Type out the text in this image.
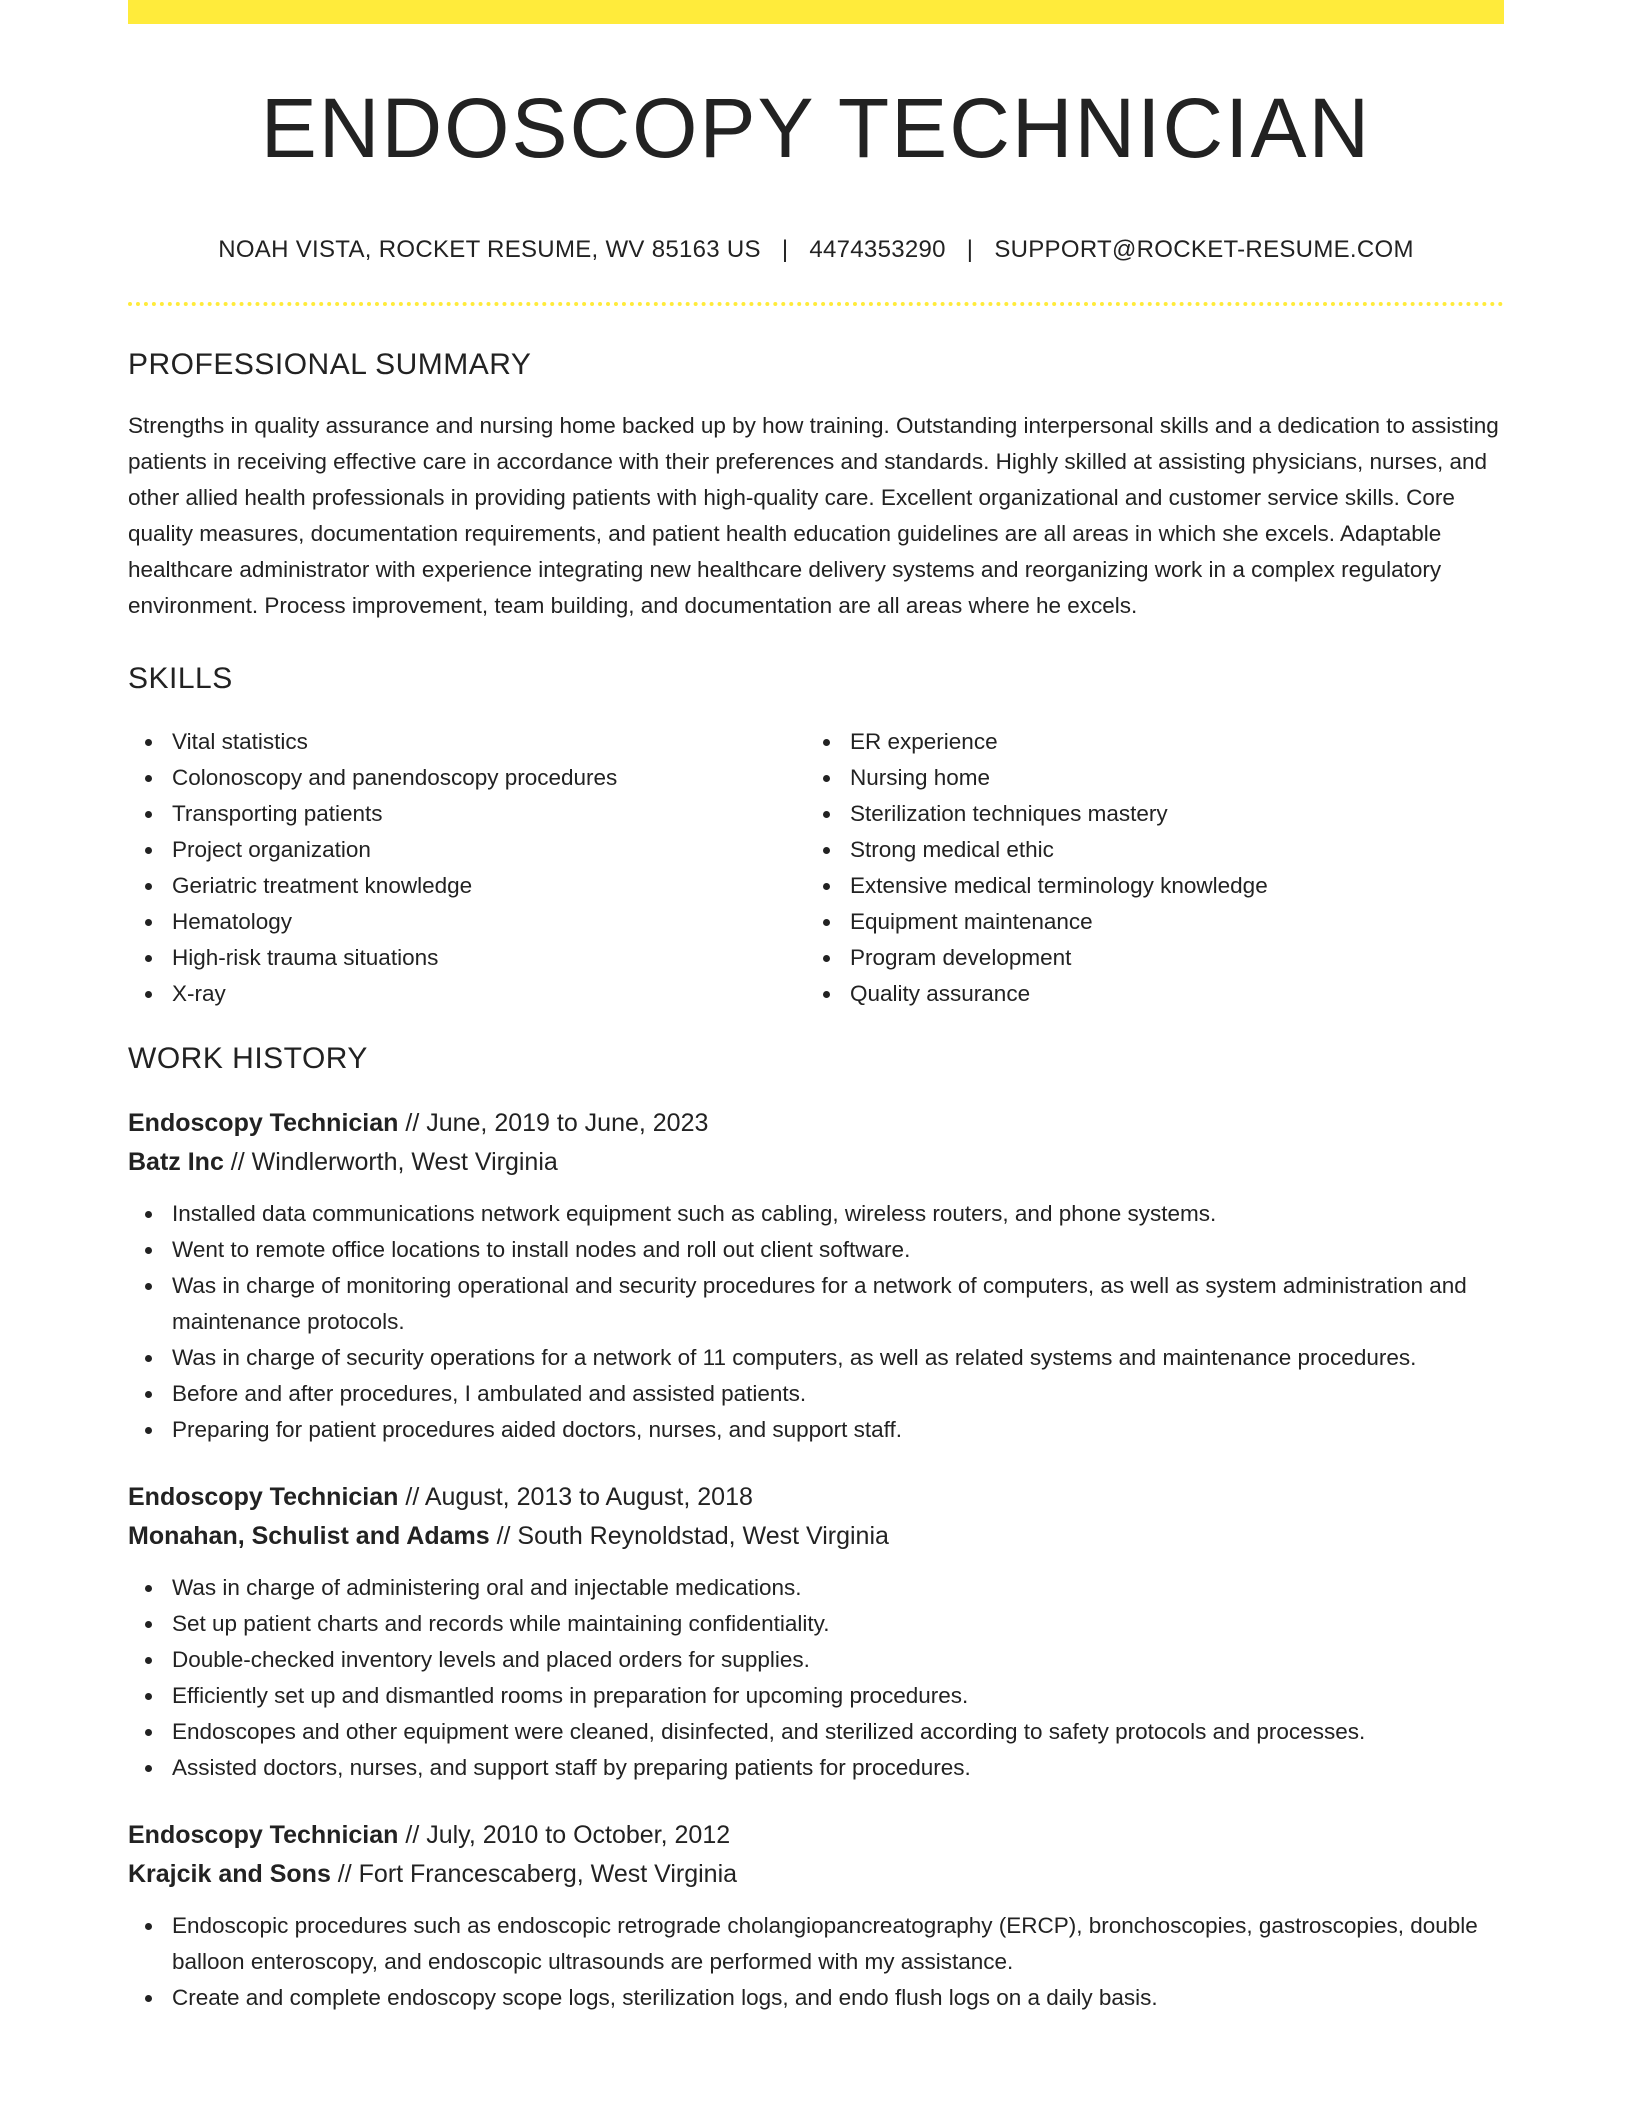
ENDOSCOPY TECHNICIAN
NOAH VISTA, ROCKET RESUME, WV 85163 US | 4474353290 | SUPPORT@ROCKET-RESUME.COM
PROFESSIONAL SUMMARY

Strengths in quality assurance and nursing home backed up by how training. Outstanding interpersonal skills and a dedication to assisting patients in receiving effective care in accordance with their preferences and standards. Highly skilled at assisting physicians, nurses, and other allied health professionals in providing patients with high-quality care. Excellent organizational and customer service skills. Core quality measures, documentation requirements, and patient health education guidelines are all areas in which she excels. Adaptable healthcare administrator with experience integrating new healthcare delivery systems and reorganizing work in a complex regulatory environment. Process improvement, team building, and documentation are all areas where he excels.

SKILLS
Vital statistics
Colonoscopy and panendoscopy procedures
Transporting patients
Project organization
Geriatric treatment knowledge
Hematology
High-risk trauma situations
X-ray
ER experience
Nursing home
Sterilization techniques mastery
Strong medical ethic
Extensive medical terminology knowledge
Equipment maintenance
Program development
Quality assurance
WORK HISTORY
Endoscopy Technician // June, 2019 to June, 2023
Batz Inc // Windlerworth, West Virginia
Installed data communications network equipment such as cabling, wireless routers, and phone systems.
Went to remote office locations to install nodes and roll out client software.
Was in charge of monitoring operational and security procedures for a network of computers, as well as system administration and maintenance protocols.
Was in charge of security operations for a network of 11 computers, as well as related systems and maintenance procedures.
Before and after procedures, I ambulated and assisted patients.
Preparing for patient procedures aided doctors, nurses, and support staff.
Endoscopy Technician // August, 2013 to August, 2018
Monahan, Schulist and Adams // South Reynoldstad, West Virginia
Was in charge of administering oral and injectable medications.
Set up patient charts and records while maintaining confidentiality.
Double-checked inventory levels and placed orders for supplies.
Efficiently set up and dismantled rooms in preparation for upcoming procedures.
Endoscopes and other equipment were cleaned, disinfected, and sterilized according to safety protocols and processes.
Assisted doctors, nurses, and support staff by preparing patients for procedures.
Endoscopy Technician // July, 2010 to October, 2012
Krajcik and Sons // Fort Francescaberg, West Virginia
Endoscopic procedures such as endoscopic retrograde cholangiopancreatography (ERCP), bronchoscopies, gastroscopies, double balloon enteroscopy, and endoscopic ultrasounds are performed with my assistance.
Create and complete endoscopy scope logs, sterilization logs, and endo flush logs on a daily basis.
